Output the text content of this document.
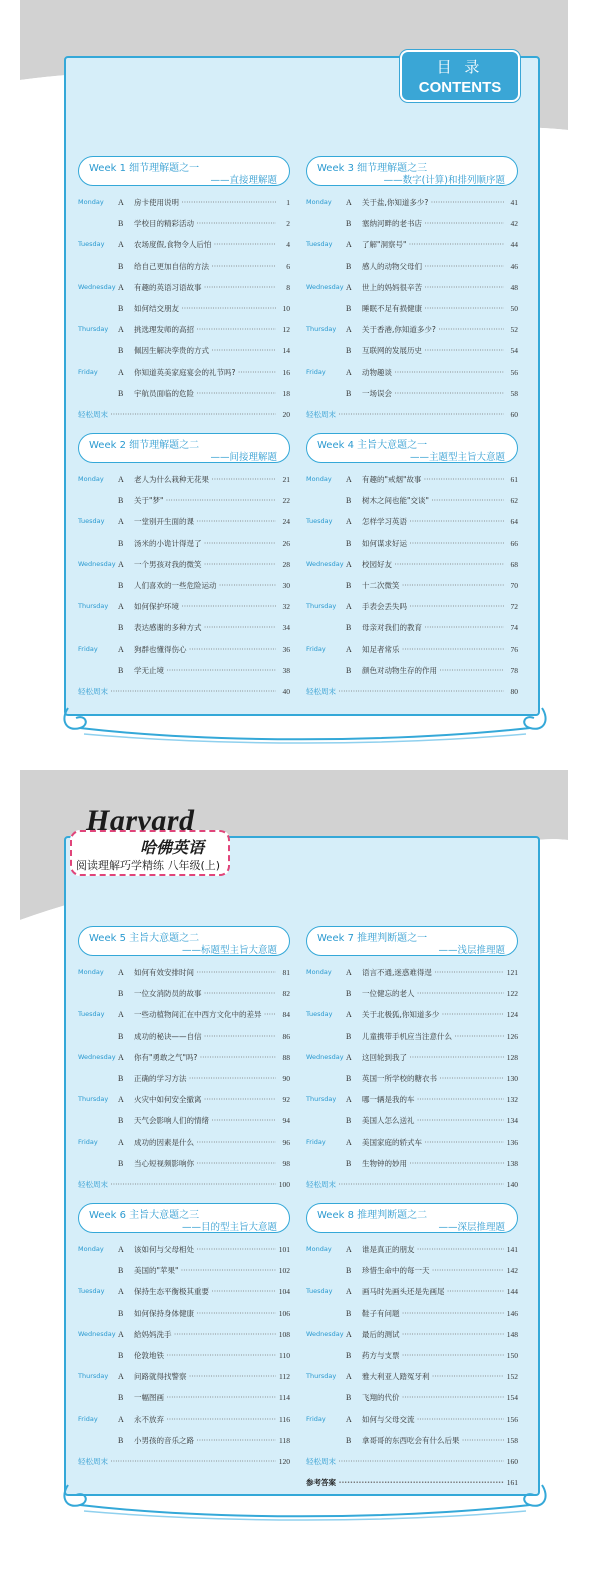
目 录
CONTENTS
Week 1 细节理解题之一
——直接理解题
Monday A 房卡使用说明 ·····	1
B 学校目的精彩活动 ·····	2
Tuesday A 农场度假,食物令人后怕 ·····	4
B 给自己更加自信的方法 ·····	6
Wednesday A 有趣的英语习语故事 ·····	8
B 如何结交朋友 ·····	10
Thursday A 挑选理发师的高招 ·····	12
B 佩因生解决孪贵的方式 ·····	14
Friday	A 你知道英美家庭宴会的礼节吗? ·····	16
B 宇航员面临的危险 ·····	18
轻松周末 ·····	20
Week 2 细节理解题之二
——间接理解题
Monday A 老人为什么栽种无花果 ·····	21
B 关于"梦" ·····	22
Tuesday A 一堂别开生面的课 ·····	24
B 汤米的小诡计得逞了 ·····	26
Wednesday A 一个男孩对我的微笑 ·····	28
B 人们喜欢的一些危险运动 ·····	30
Thursday A 如何保护环境 ·····	32
B 表达感谢的多种方式 ·····	34
Friday	A 狗群也懂得伤心 ·····	36
B 学无止境 ·····	38
轻松周末 ·····	40
Week 3 细节理解题之三
——数字(计算)和排列顺序题
Monday A 关于盐,你知道多少? ·····	41
B 塞纳河畔的老书店 ·····	42
Tuesday A 了解"洞察号" ·····	44
B 感人的动物父母们 ·····	46
Wednesday A 世上的妈妈很辛苦 ·····	48
B 睡眠不足有损健康 ·····	50
Thursday A 关于香港,你知道多少? ·····	52
B 互联网的发展历史 ·····	54
Friday	A 动物趣谈 ·····	56
B 一场误会 ·····	58
轻松周末 ·····	60
Week 4 主旨大意题之一
——主题型主旨大意题
Monday A 有趣的"戒烟"故事 ·····	61
B 树木之间也能"交谈" ·····	62
Tuesday A 怎样学习英语 ·····	64
B 如何谋求好运 ·····	66
Wednesday A 校园好友 ·····	68
B 十二次微笑 ·····	70
Thursday A 手表会丢失吗 ·····	72
B 母亲对我们的教育 ·····	74
Friday	A 知足者常乐 ·····	76
B 颜色对动物生存的作用 ·····	78
轻松周末 ·····	80
Harvard
哈佛英语
阅读理解巧学精练 八年级(上)
Week 5 主旨大意题之二
——标题型主旨大意题
Monday A 如何有效安排时间 ·····	81
B 一位女消防员的故事 ·····	82
Tuesday A 一些动植物间汇在中西方文化中的差异 ·····	84
B 成功的秘诀——自信 ·····	86
Wednesday A 你有"勇敢之气"吗? ·····	88
B 正确的学习方法 ·····	90
Thursday A 火灾中如何安全撤离 ·····	92
B 天气会影响人们的情绪 ·····	94
Friday	A 成功的因素是什么 ·····	96
B 当心短视频影响你 ·····	98
轻松周末 ·····	100
Week 6 主旨大意题之三
——目的型主旨大意题
Monday A 该如何与父母相处 ·····	101
B 美国的"苹果" ·····	102
Tuesday A 保持生态平衡极其重要 ·····	104
B 如何保持身体健康 ·····	106
Wednesday A 給妈妈洗手 ·····	108
B 伦敦地铁 ·····	110
Thursday A 问路就得找警察 ·····	112
B 一幅图画 ·····	114
Friday	A 永不放弃 ·····	116
B 小男孩的音乐之路 ·····	118
轻松周末 ·····	120
Week 7 推理判断题之一
——浅层推理题
Monday A 语言不通,迷惑难得逞 ·····	121
B 一位健忘的老人 ·····	122
Tuesday A 关于北极狐,你知道多少 ·····	124
B 儿童携带手机应当注意什么 ·····	126
Wednesday A 这回轮到我了 ·····	128
B 英国一所学校的糖衣书 ·····	130
Thursday A 哪一辆是我的车 ·····	132
B 美国人怎么送礼 ·····	134
Friday	A 美国家庭的轿式车 ·····	136
B 生物钟的妙用 ·····	138
轻松周末 ·····	140
Week 8 推理判断题之二
——深层推理题
Monday A 谁是真正的朋友 ·····	141
B 珍惜生命中的每一天 ·····	142
Tuesday A 画马时先画头还是先画尾 ·····	144
B 鞋子有问题 ·····	146
Wednesday A 最后的测试 ·····	148
B 药方与支票 ·····	150
Thursday A 雅大利亚人踏冤牙利 ·····	152
B 飞翔的代价 ·····	154
Friday	A 如何与父母交流 ·····	156
B 拿哥哥的东西吃会有什么后果 ·····	158
轻松周末 ·····	160
参考答案 ·····	161
